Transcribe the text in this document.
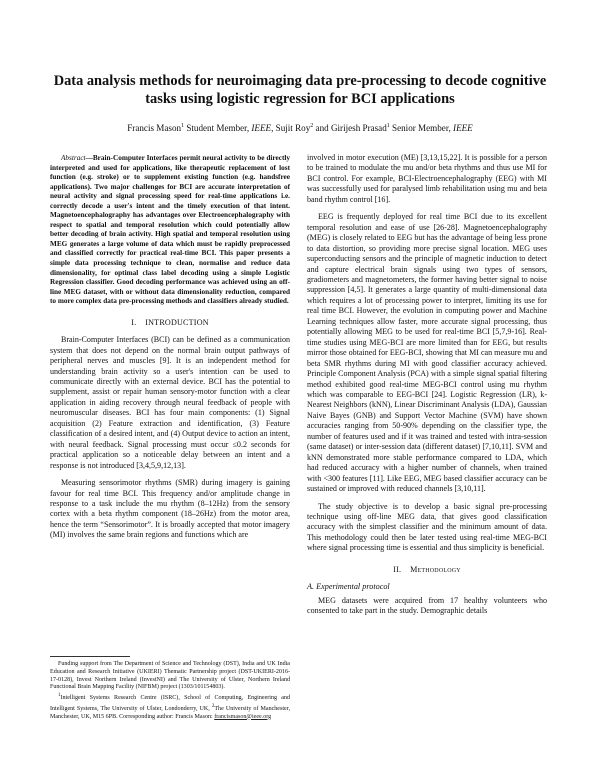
Data analysis methods for neuroimaging data pre-processing to decode cognitive tasks using logistic regression for BCI applications
Francis Mason$^1$ Student Member, IEEE, Sujit Roy$^2$ and Girijesh Prasad$^1$ Senior Member, IEEE

Abstract—Brain-Computer Interfaces permit neural activity to be directly interpreted and used for applications, like therapeutic replacement of lost function (e.g. stroke) or to supplement existing function (e.g. handsfree applications). Two major challenges for BCI are accurate interpretation of neural activity and signal processing speed for real-time applications i.e. correctly decode a user's intent and the timely execution of that intent. Magnetoencephalography has advantages over Electroencephalography with respect to spatial and temporal resolution which could potentially allow better decoding of brain activity. High spatial and temporal resolution using MEG generates a large volume of data which must be rapidly preprocessed and classified correctly for practical real-time BCI. This paper presents a simple data processing technique to clean, normalise and reduce data dimensionality, for optimal class label decoding using a simple Logistic Regression classifier. Good decoding performance was achieved using an off-line MEG dataset, with or without data dimensionality reduction, compared to more complex data pre-processing methods and classifiers already studied.

I. INTRODUCTION

Brain-Computer Interfaces (BCI) can be defined as a communication system that does not depend on the normal brain output pathways of peripheral nerves and muscles [9]. It is an independent method for understanding brain activity so a user's intention can be used to communicate directly with an external device. BCI has the potential to supplement, assist or repair human sensory-motor function with a clear application in aiding recovery through neural feedback of people with neuromuscular diseases. BCI has four main components: (1) Signal acquisition (2) Feature extraction and identification, (3) Feature classification of a desired intent, and (4) Output device to action an intent, with neural feedback. Signal processing must occur ≤0.2 seconds for practical application so a noticeable delay between an intent and a response is not introduced [3,4,5,9,12,13].

Measuring sensorimotor rhythms (SMR) during imagery is gaining favour for real time BCI. This frequency and/or amplitude change in response to a task include the mu rhythm (8–12Hz) from the sensory cortex with a beta rhythm component (18–26Hz) from the motor area, hence the term “Sensorimotor”. It is broadly accepted that motor imagery (MI) involves the same brain regions and functions which are

involved in motor execution (ME) [3,13,15,22]. It is possible for a person to be trained to modulate the mu and/or beta rhythms and thus use MI for BCI control. For example, BCI-Electroencephalography (EEG) with MI was successfully used for paralysed limb rehabilitation using mu and beta band rhythm control [16].

EEG is frequently deployed for real time BCI due to its excellent temporal resolution and ease of use [26-28]. Magnetoencephalography (MEG) is closely related to EEG but has the advantage of being less prone to data distortion, so providing more precise signal location. MEG uses superconducting sensors and the principle of magnetic induction to detect and capture electrical brain signals using two types of sensors, gradiometers and magnetometers, the former having better signal to noise suppression [4,5]. It generates a large quantity of multi-dimensional data which requires a lot of processing power to interpret, limiting its use for real time BCI. However, the evolution in computing power and Machine Learning techniques allow faster, more accurate signal processing, thus potentially allowing MEG to be used for real-time BCI [5,7,9-16]. Real-time studies using MEG-BCI are more limited than for EEG, but results mirror those obtained for EEG-BCI, showing that MI can measure mu and beta SMR rhythms during MI with good classifier accuracy achieved. Principle Component Analysis (PCA) with a simple signal spatial filtering method exhibited good real-time MEG-BCI control using mu rhythm which was comparable to EEG-BCI [24]. Logistic Regression (LR), k-Nearest Neighbors (kNN), Linear Discriminant Analysis (LDA), Gaussian Naive Bayes (GNB) and Support Vector Machine (SVM) have shown accuracies ranging from 50-90% depending on the classifier type, the number of features used and if it was trained and tested with intra-session (same dataset) or inter-session data (different dataset) [7,10,11]. SVM and kNN demonstrated more stable performance compared to LDA, which had reduced accuracy with a higher number of channels, when trained with <300 features [11]. Like EEG, MEG based classifier accuracy can be sustained or improved with reduced channels [3,10,11].

The study objective is to develop a basic signal pre-processing technique using off-line MEG data, that gives good classification accuracy with the simplest classifier and the minimum amount of data. This methodology could then be later tested using real-time MEG-BCI where signal processing time is essential and thus simplicity is beneficial.

II. Methodology
A. Experimental protocol

MEG datasets were acquired from 17 healthy volunteers who consented to take part in the study. Demographic details

Funding support from The Department of Science and Technology (DST), India and UK India Education and Research Initiative (UKIERI) Thematic Partnership project (DST-UKIERI-2016-17-0128), Invest Northern Ireland (InvestNI) and The University of Ulster, Northern Ireland Functional Brain Mapping Facility (NIFBM) project (1303/101154803).

$^1$Intelligent Systems Research Centre (ISRC), School of Computing, Engineering and Intelligent Systems, The University of Ulster, Londonderry, UK, $^2$The University of Manchester, Manchester, UK, M15 6PB. Corresponding author: Francis Mason: francismason@ieee.org
